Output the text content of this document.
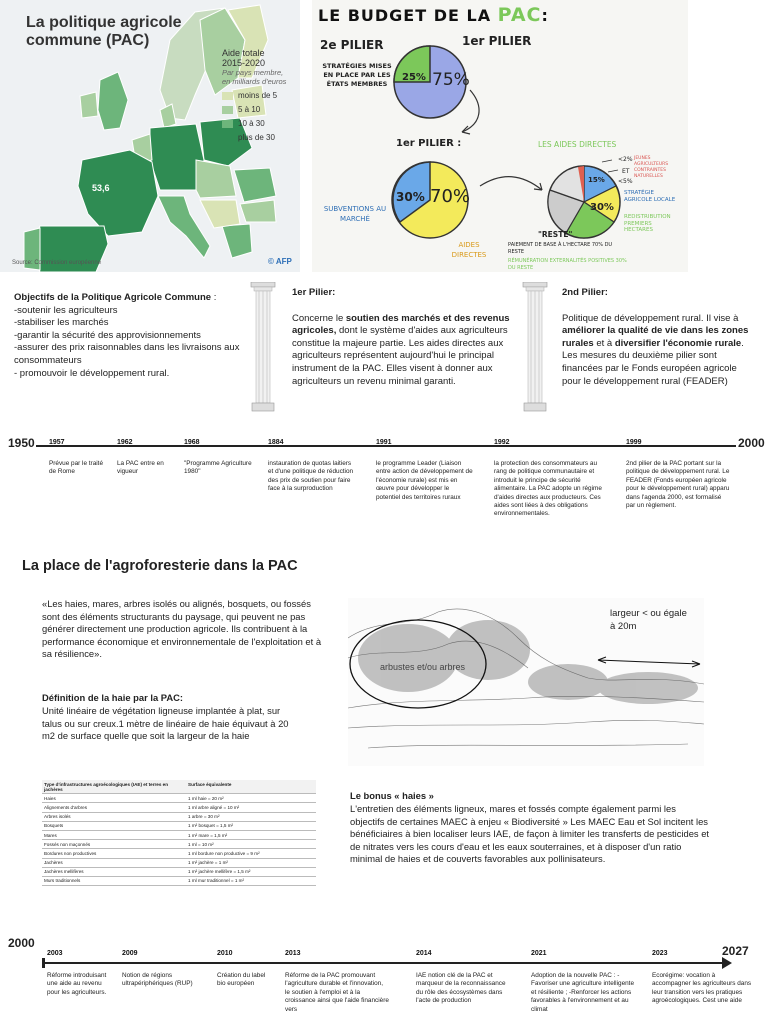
La politique agricole commune (PAC)
Aide totale
2015-2020
Par pays membre, en milliards d'euros
moins de 5
5 à 10
10 à 30
plus de 30
53,6
Source: Commission européenne	© AFP
LE BUDGET DE LA PAC:
2e PILIER	1er PILIER
STRATÉGIES MISES EN PLACE PAR LES ÉTATS MEMBRES
25% 75%
1er PILIER :
SUBVENTIONS AU MARCHÉ
30% 70%
AIDES DIRECTES
LES AIDES DIRECTES
<2% JEUNES AGRICULTEURS
ET CONTRAINTES NATURELLES
<5%
STRATÉGIE AGRICOLE LOCALE
REDISTRIBUTION PREMIERS HECTARES
15%
30%
"RESTE"
PAIEMENT DE BASE À L'HECTARE 70% DU RESTE
RÉMUNÉRATION EXTERNALITÉS POSITIVES 30% DU RESTE
Objectifs de la Politique Agricole Commune :
-soutenir les agriculteurs
-stabiliser les marchés
-garantir la sécurité des approvisionnements
-assurer des prix raisonnables dans les livraisons aux consommateurs
- promouvoir le développement rural.
1er Pilier:
Concerne le soutien des marchés et des revenus agricoles, dont le système d'aides aux agriculteurs constitue la majeure partie. Les aides directes aux agriculteurs représentent aujourd'hui le principal instrument de la PAC. Elles visent à donner aux agriculteurs un revenu minimal garanti.
2nd Pilier:
Politique de développement rural. Il vise à améliorer la qualité de vie dans les zones rurales et à diversifier l'économie rurale. Les mesures du deuxième pilier sont financées par le Fonds européen agricole pour le développement rural (FEADER)
1950	2000
1957
Prévue par le traité de Rome
1962
La PAC entre en vigueur
1968
"Programme Agriculture 1980"
1884
instauration de quotas laitiers et d'une politique de réduction des prix de soutien pour faire face à la surproduction
1991
le programme Leader (Liaison entre action de développement de l'économie rurale) est mis en œuvre pour développer le potentiel des territoires ruraux
1992
la protection des consommateurs au rang de politique communautaire et introduit le principe de sécurité alimentaire. La PAC adopte un régime d'aides directes aux producteurs. Ces aides sont liées à des obligations environnementales.
1999
2nd pilier de la PAC portant sur la politique de développement rural. Le FEADER (Fonds européen agricole pour le développement rural) apparu dans l'agenda 2000, est formalisé par un règlement.
La place de l'agroforesterie dans la PAC
«Les haies, mares, arbres isolés ou alignés, bosquets, ou fossés sont des éléments structurants du paysage, qui peuvent ne pas générer directement une production agricole. Ils contribuent à la performance économique et environnementale de l'exploitation et à sa résilience».
Définition de la haie par la PAC:
Unité linéaire de végétation ligneuse implantée à plat, sur talus ou sur creux.1 mètre de linéaire de haie équivaut à 20 m2 de surface quelle que soit la largeur de la haie
Type d'infrastructures agroécologiques (IAE) et terres en jachères	Surface équivalente
Haies	1 ml haie = 20 m²
Alignements d'arbres	1 ml arbre aligné = 10 m²
Arbres isolés	1 arbre = 30 m²
Bosquets	1 m² bosquet = 1,5 m²
Mares	1 m² mare = 1,5 m²
Fossés non maçonnés	1 ml = 10 m²
Bordures non productives	1 ml bordure non productive = 9 m²
Jachères	1 m² jachère = 1 m²
Jachères mellifères	1 m² jachère mellifère = 1,5 m²
Murs traditionnels	1 ml mur traditionnel = 1 m²
largeur < ou égale à 20m
arbustes et/ou arbres
Le bonus « haies »
L'entretien des éléments ligneux, mares et fossés compte également parmi les objectifs de certaines MAEC à enjeu « Biodiversité » Les MAEC Eau et Sol incitent les bénéficiaires à bien localiser leurs IAE, de façon à limiter les transferts de pesticides et de nitrates vers les cours d'eau et les eaux souterraines, et à disposer d'un ratio minimal de haies et de couverts favorables aux pollinisateurs.
2000
2027
2003
Réforme introduisant une aide au revenu pour les agriculteurs.
2009
Notion de régions ultrapériphériques (RUP)
2010
Création du label bio européen
2013
Réforme de la PAC promouvant l'agriculture durable et l'innovation, le soutien à l'emploi et à la croissance ainsi que l'aide financière vers
2014
IAE notion clé de la PAC et marqueur de la reconnaissance du rôle des écosystèmes dans l'acte de production
2021
Adoption de la nouvelle PAC : -Favoriser une agriculture intelligente et résiliente ; -Renforcer les actions favorables à l'environnement et au climat
2023
Ecorégime: vocation à accompagner les agriculteurs dans leur transition vers les pratiques agroécologiques. Cest une aide
